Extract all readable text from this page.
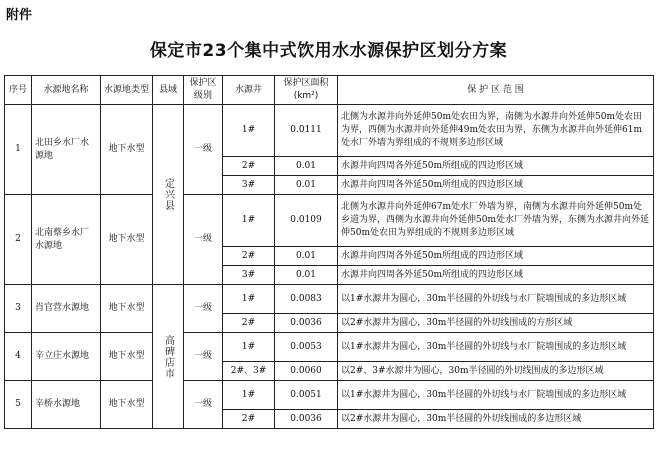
附件
保定市23个集中式饮用水水源保护区划分方案
序号	水源地名称	水源地类型	县域	保护区级别	水源井	保护区面积(km²)	保 护 区 范 围
1	北田乡水厂水源地	地下水型	定兴县	一级	1#	0.0111	北侧为水源井向外延伸50m处农田为界，南侧为水源井向外延伸50m处农田为界，西侧为水源井向外延伸49m处农田为界，东侧为水源井向外延伸61m处水厂外墙为界组成的不规则多边形区域
					2#	0.01	水源井向四周各外延50m所组成的四边形区域
					3#	0.01	水源井向四周各外延50m所组成的四边形区域
2	北南蔡乡水厂水源地	地下水型		一级	1#	0.0109	北侧为水源井向外延伸67m处水厂外墙为界，南侧为水源井向外延伸50m处乡道为界，西侧为水源井向外延伸50m处水厂外墙为界，东侧为水源井向外延伸50m处农田为界组成的不规则多边形区域
					2#	0.01	水源井向四周各外延50m所组成的四边形区域
					3#	0.01	水源井向四周各外延50m所组成的四边形区域
3	肖官营水源地	地下水型	高碑店市	一级	1#	0.0083	以1#水源井为圆心，30m半径圆的外切线与水厂院墙围成的多边形区域
					2#	0.0036	以2#水源井为圆心，30m半径圆的外切线围成的方形区域
4	辛立庄水源地	地下水型		一级	1#	0.0053	以1#水源井为圆心，30m半径圆的外切线与水厂院墙围成的多边形区域
					2#、3#	0.0060	以2#、3#水源井为圆心，30m半径圆的外切线围成的多边形区域
5	辛桥水源地	地下水型		一级	1#	0.0051	以1#水源井为圆心，30m半径圆的外切线与水厂院墙围成的多边形区域
					2#	0.0036	以2#水源井为圆心，30m半径圆的外切线围成的多边形区域
